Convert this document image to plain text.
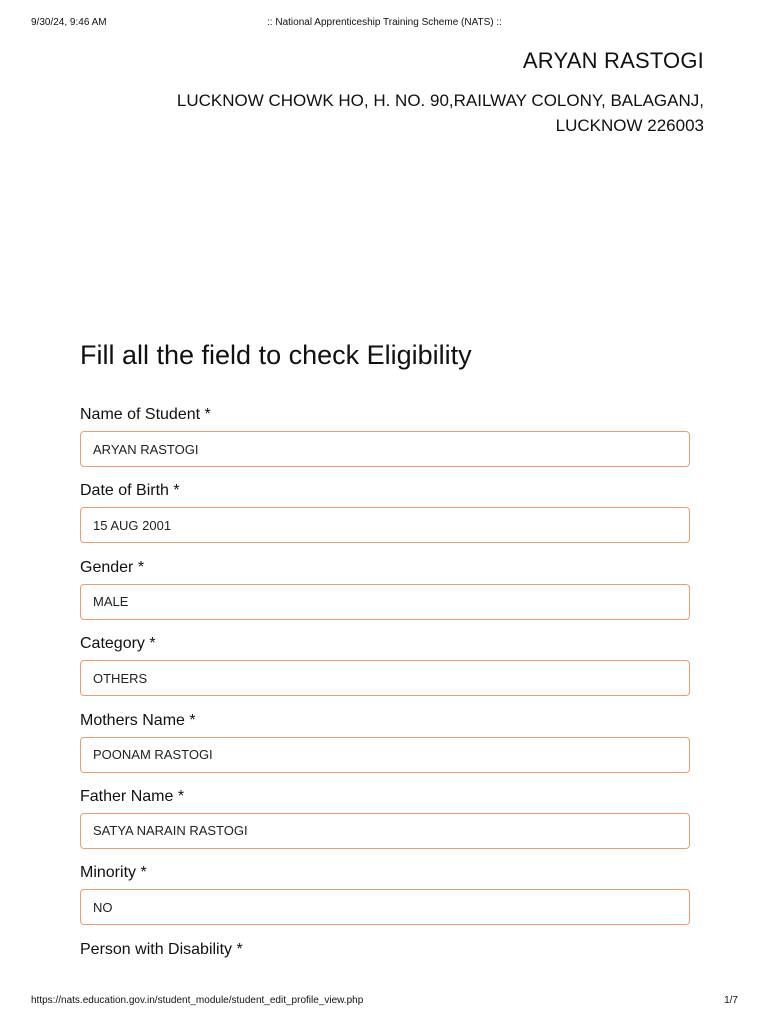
9/30/24, 9:46 AM	:: National Apprenticeship Training Scheme (NATS) ::
ARYAN RASTOGI
LUCKNOW CHOWK HO, H. NO. 90,RAILWAY COLONY, BALAGANJ,
LUCKNOW 226003
Fill all the field to check Eligibility
Name of Student *
ARYAN RASTOGI
Date of Birth *
15 AUG 2001
Gender *
MALE
Category *
OTHERS
Mothers Name *
POONAM RASTOGI
Father Name *
SATYA NARAIN RASTOGI
Minority *
NO
Person with Disability *
https://nats.education.gov.in/student_module/student_edit_profile_view.php	1/7
